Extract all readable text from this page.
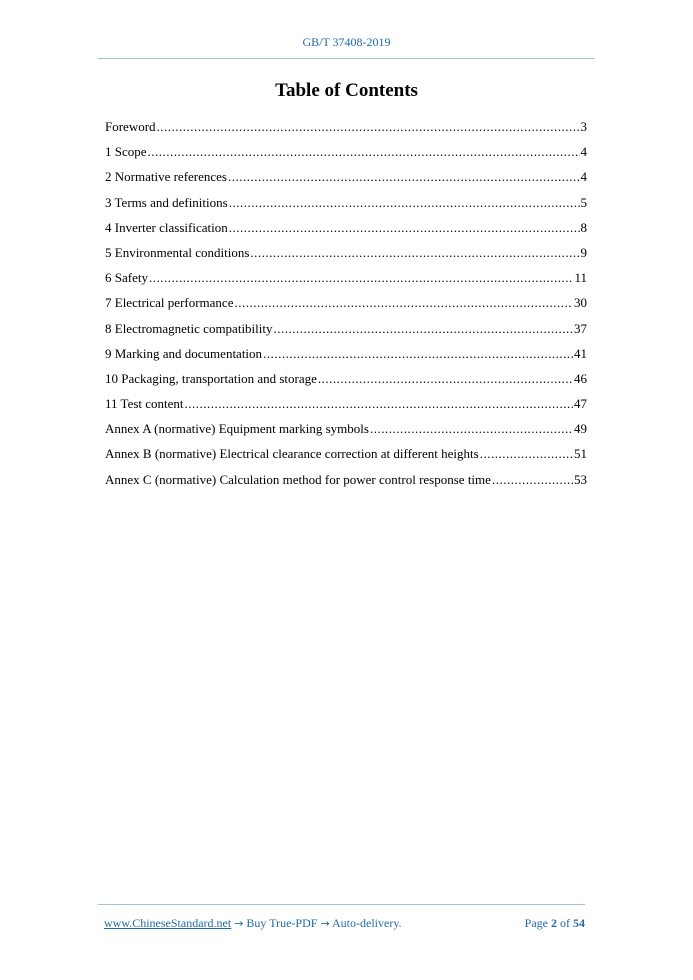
GB/T 37408-2019
Table of Contents
Foreword .....	3
1 Scope .....	4
2 Normative references .....	4
3 Terms and definitions .....	5
4 Inverter classification .....	8
5 Environmental conditions .....	9
6 Safety .....	11
7 Electrical performance .....	30
8 Electromagnetic compatibility .....	37
9 Marking and documentation .....	41
10 Packaging, transportation and storage .....	46
11 Test content .....	47
Annex A (normative) Equipment marking symbols .....	49
Annex B (normative) Electrical clearance correction at different heights .....	51
Annex C (normative) Calculation method for power control response time .....	53
www.ChineseStandard.net → Buy True-PDF → Auto-delivery.	Page 2 of 54
